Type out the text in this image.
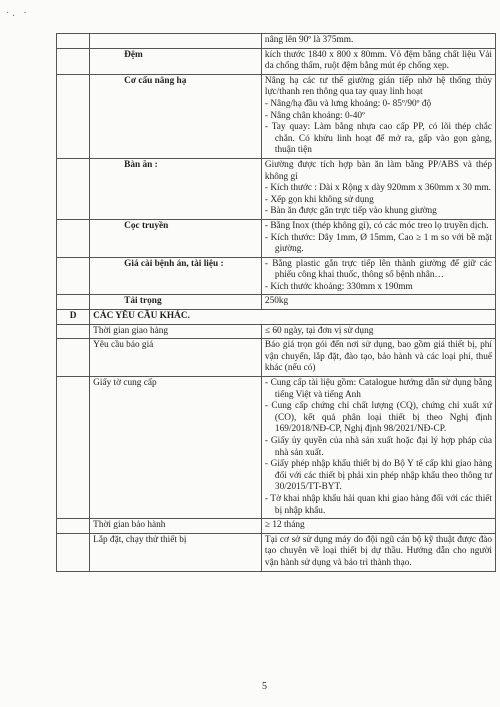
·. ·
		nâng lên 90º là 375mm.
	Đệm	kích thước 1840 x 800 x 80mm. Vỏ đệm bằng chất liệu Vải da chống thấm, ruột đệm bằng mút ép chống xẹp.

	Cơ cấu nâng hạ	Nâng hạ các tư thế giường gián tiếp nhờ hệ thống thủy lực/thanh ren thông qua tay quay linh hoạt
- Nâng/hạ đầu và lưng khoảng: 0- 85º/90º độ
- Nâng chân khoảng: 0-40º
- Tay quay: Làm bằng nhựa cao cấp PP, có lõi thép chắc chắn. Có khửu linh hoạt để mở ra, gấp vào gọn gàng, thuận tiện

	Bàn ăn :	Giường được tích hợp bàn ăn làm bằng PP/ABS và thép không gỉ
- Kích thước : Dài x Rộng x dày 920mm x 360mm x 30 mm.
- Xếp gọn khi không sử dụng
- Bàn ăn được gắn trực tiếp vào khung giường

	Cọc truyền	- Bằng Inox (thép không gỉ), có các móc treo lọ truyền dịch.
- Kích thước: Dây 1mm, Ø 15mm, Cao ≥ 1 m so với bề mặt giường.

	Giá cài bệnh án, tài liệu :	- Bằng plastic gắn trực tiếp lên thành giường để giữ các phiếu công khai thuốc, thông số bệnh nhân…
- Kích thước khoảng: 330mm x 190mm

	Tải trọng	250kg

D	CÁC YÊU CẦU KHÁC.	
	Thời gian giao hàng	≤ 60 ngày, tại đơn vị sử dụng

	Yêu cầu báo giá	Báo giá trọn gói đến nơi sử dụng, bao gồm giá thiết bị, phí vận chuyển, lắp đặt, đào tạo, bảo hành và các loại phí, thuế khác (nếu có)

	Giấy tờ cung cấp	- Cung cấp tài liệu gồm: Catalogue hướng dẫn sử dụng bằng tiếng Việt và tiếng Anh
- Cung cấp chứng chỉ chất lượng (CQ), chứng chỉ xuất xứ (CO), kết quả phân loại thiết bị theo Nghị định 169/2018/NĐ-CP, Nghị định 98/2021/NĐ-CP.
- Giấy ủy quyền của nhà sản xuất hoặc đại lý hợp pháp của nhà sản xuất.
- Giấy phép nhập khẩu thiết bị do Bộ Y tế cấp khi giao hàng đối với các thiết bị phải xin phép nhập khẩu theo thông tư 30/2015/TT-BYT.
- Tờ khai nhập khẩu hải quan khi giao hàng đối với các thiết bị nhập khẩu.

	Thời gian bảo hành	≥ 12 tháng

	Lắp đặt, chạy thử thiết bị	Tại cơ sở sử dụng máy do đội ngũ cán bộ kỹ thuật được đào tạo chuyên về loại thiết bị dự thầu. Hướng dẫn cho người vận hành sử dụng và bảo trì thành thạo.
5
